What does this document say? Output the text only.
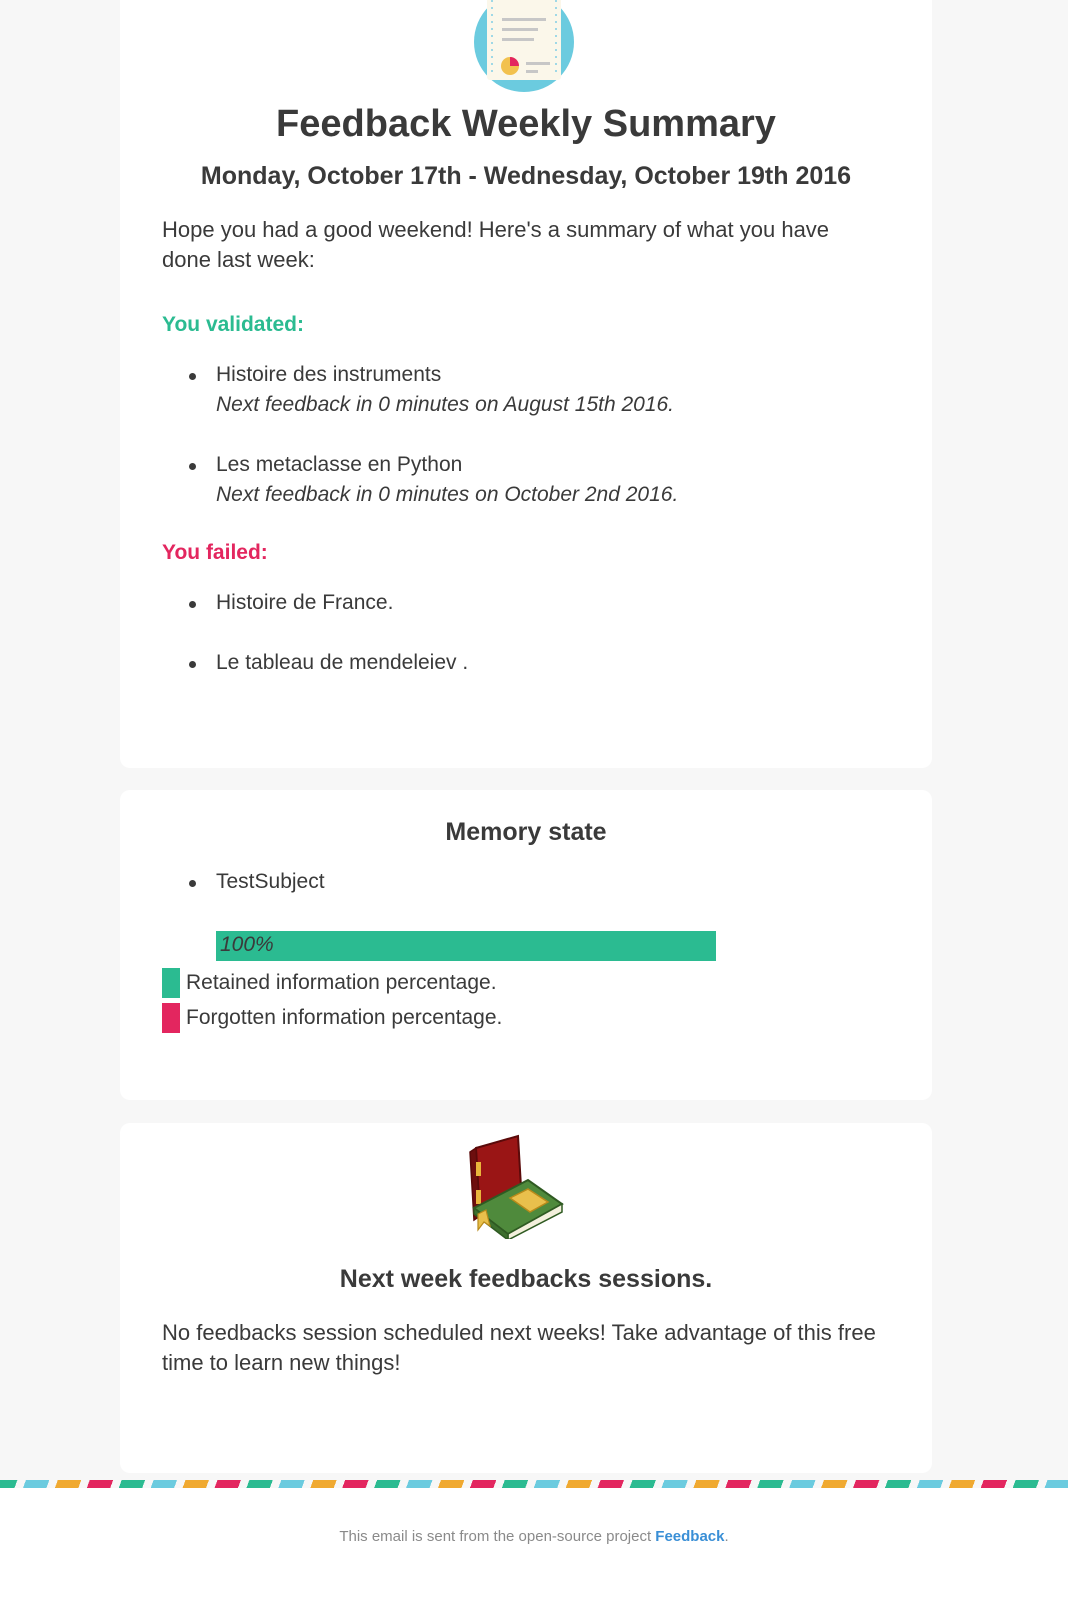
Feedback Weekly Summary

Monday, October 17th - Wednesday, October 19th 2016

Hope you had a good weekend! Here's a summary of what you have done last week:

You validated:

Histoire des instruments
Next feedback in 0 minutes on August 15th 2016.
Les metaclasse en Python
Next feedback in 0 minutes on October 2nd 2016.

You failed:

Histoire de France.
Le tableau de mendeleiev .

Memory state

TestSubject
100%
Retained information percentage.
Forgotten information percentage.

Next week feedbacks sessions.

No feedbacks session scheduled next weeks! Take advantage of this free time to learn new things!

This email is sent from the open-source project Feedback.
